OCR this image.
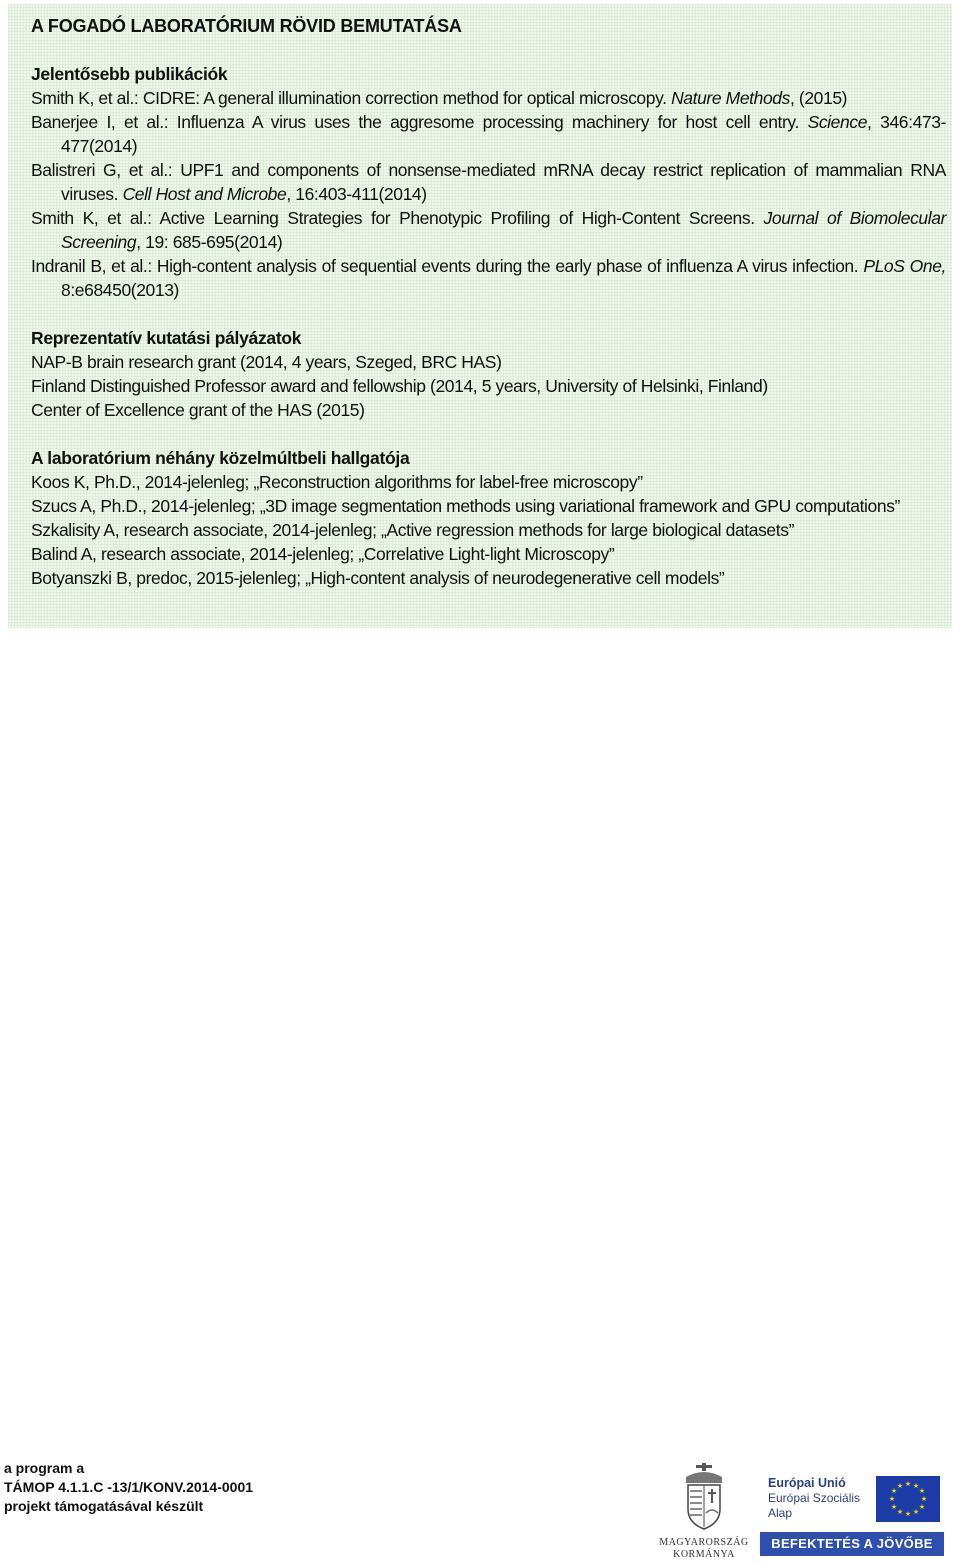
A FOGADÓ LABORATÓRIUM RÖVID BEMUTATÁSA
Jelentősebb publikációk
Smith K, et al.: CIDRE: A general illumination correction method for optical microscopy. Nature Methods, (2015)
Banerjee I, et al.: Influenza A virus uses the aggresome processing machinery for host cell entry. Science, 346:473-477(2014)
Balistreri G, et al.: UPF1 and components of nonsense-mediated mRNA decay restrict replication of mammalian RNA viruses. Cell Host and Microbe, 16:403-411(2014)
Smith K, et al.: Active Learning Strategies for Phenotypic Profiling of High-Content Screens. Journal of Biomolecular Screening, 19: 685-695(2014)
Indranil B, et al.: High-content analysis of sequential events during the early phase of influenza A virus infection. PLoS One, 8:e68450(2013)
Reprezentatív kutatási pályázatok
NAP-B brain research grant (2014, 4 years, Szeged, BRC HAS)
Finland Distinguished Professor award and fellowship (2014, 5 years, University of Helsinki, Finland)
Center of Excellence grant of the HAS (2015)
A laboratórium néhány közelmúltbeli hallgatója
Koos K, Ph.D., 2014-jelenleg; „Reconstruction algorithms for label-free microscopy”
Szucs A, Ph.D., 2014-jelenleg; „3D image segmentation methods using variational framework and GPU computations”
Szkalisity A, research associate, 2014-jelenleg; „Active regression methods for large biological datasets”
Balind A, research associate, 2014-jelenleg; „Correlative Light-light Microscopy”
Botyanszki B, predoc, 2015-jelenleg; „High-content analysis of neurodegenerative cell models”
a program a
TÁMOP 4.1.1.C -13/1/KONV.2014-0001
projekt támogatásával készült
MAGYARORSZÁG
KORMÁNYA
Európai Unió
Európai Szociális
Alap
★ ★
★
★
★
★
★
★
★
★
★
★
BEFEKTETÉS A JÖVŐBE
